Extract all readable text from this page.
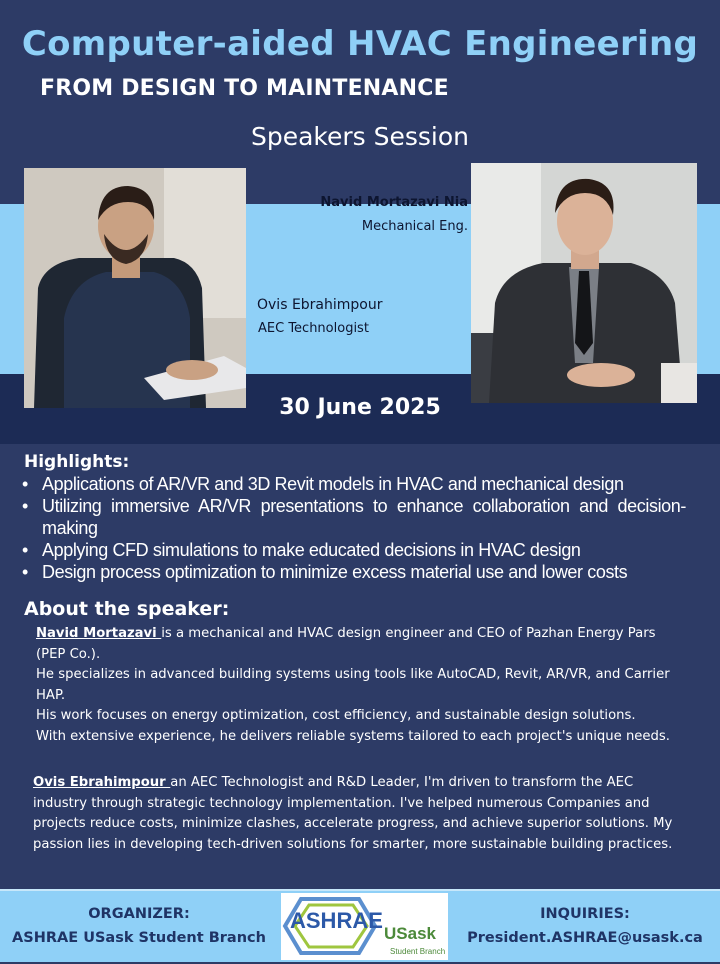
Computer-aided HVAC Engineering
FROM DESIGN TO MAINTENANCE
Speakers Session
Navid Mortazavi Nia
Mechanical Eng.
Ovis Ebrahimpour
AEC Technologist
30 June 2025
Highlights:
• Applications of AR/VR and 3D Revit models in HVAC and mechanical design
• Utilizing immersive AR/VR presentations to enhance collaboration and decision-making
• Applying CFD simulations to make educated decisions in HVAC design
• Design process optimization to minimize excess material use and lower costs
About the speaker:
Navid Mortazavi is a mechanical and HVAC design engineer and CEO of Pazhan Energy Pars (PEP Co.).
He specializes in advanced building systems using tools like AutoCAD, Revit, AR/VR, and Carrier HAP.
His work focuses on energy optimization, cost efficiency, and sustainable design solutions.
With extensive experience, he delivers reliable systems tailored to each project's unique needs.
Ovis Ebrahimpour an AEC Technologist and R&D Leader, I'm driven to transform the AEC industry through strategic technology implementation. I've helped numerous Companies and projects reduce costs, minimize clashes, accelerate progress, and achieve superior solutions. My passion lies in developing tech-driven solutions for smarter, more sustainable building practices.
ORGANIZER:
ASHRAE USask Student Branch
INQUIRIES:
President.ASHRAE@usask.ca
ASHRAE
USask
Student Branch
